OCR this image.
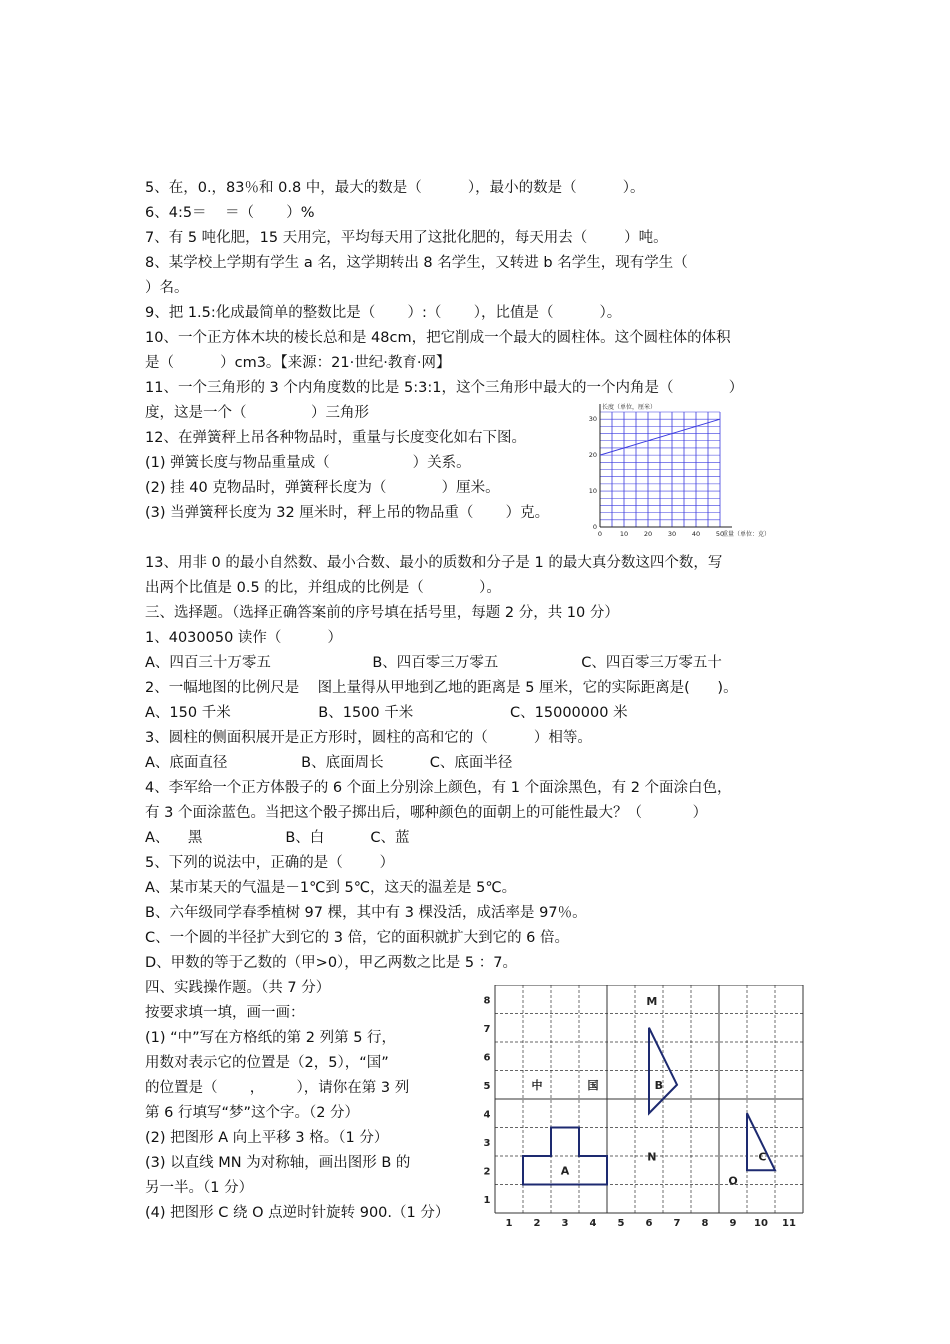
5、在，0.，83％和 0.8 中，最大的数是（          ），最小的数是（          ）。
6、4:5＝    ＝（       ）%
7、有 5 吨化肥，15 天用完，平均每天用了这批化肥的，每天用去（        ）吨。
8、某学校上学期有学生 a 名，这学期转出 8 名学生，又转进 b 名学生，现有学生（
）名。
9、把 1.5:化成最简单的整数比是（       ）:（       ），比值是（          ）。
10、一个正方体木块的棱长总和是 48cm，把它削成一个最大的圆柱体。这个圆柱体的体积
是（          ）cm3。【来源：21·世纪·教育·网】
11、一个三角形的 3 个内角度数的比是 5:3:1，这个三角形中最大的一个内角是（            ）
度，这是一个（              ）三角形
12、在弹簧秤上吊各种物品时，重量与长度变化如右下图。
(1) 弹簧长度与物品重量成（                  ）关系。
(2) 挂 40 克物品时，弹簧秤长度为（            ）厘米。
(3) 当弹簧秤长度为 32 厘米时，秤上吊的物品重（       ）克。
13、用非 0 的最小自然数、最小合数、最小的质数和分子是 1 的最大真分数这四个数，写
出两个比值是 0.5 的比，并组成的比例是（            ）。
三、选择题。（选择正确答案前的序号填在括号里，每题 2 分，共 10 分）
1、4030050 读作（          ）
A、四百三十万零五                      B、四百零三万零五                  C、四百零三万零五十
2、一幅地图的比例尺是    图上量得从甲地到乙地的距离是 5 厘米，它的实际距离是(      )。
A、150 千米                   B、1500 千米                     C、15000000 米
3、圆柱的侧面积展开是正方形时，圆柱的高和它的（          ）相等。
A、底面直径                B、底面周长          C、底面半径
4、李军给一个正方体骰子的 6 个面上分别涂上颜色，有 1 个面涂黑色，有 2 个面涂白色，
有 3 个面涂蓝色。当把这个骰子掷出后，哪种颜色的面朝上的可能性最大？（           ）
A、    黑                  B、白          C、蓝
5、下列的说法中，正确的是（        ）
A、某市某天的气温是－1℃到 5℃，这天的温差是 5℃。
B、六年级同学春季植树 97 棵，其中有 3 棵没活，成活率是 97％。
C、一个圆的半径扩大到它的 3 倍，它的面积就扩大到它的 6 倍。
D、甲数的等于乙数的（甲>0），甲乙两数之比是 5 ：7。
四、实践操作题。（共 7 分）
按要求填一填，画一画：
(1) “中”写在方格纸的第 2 列第 5 行，
用数对表示它的位置是（2，5），“国”
的位置是（       ，       ），请你在第 3 列
第 6 行填写“梦”这个字。（2 分）
(2) 把图形 A 向上平移 3 格。（1 分）
(3) 以直线 MN 为对称轴，画出图形 B 的
另一半。（1 分）
(4) 把图形 C 绕 O 点逆时针旋转 900.（1 分）
0	10 20 30 40 50
0
10
20
30
长度（单位，厘米）
重量（单位：克）
1 2 3 4 5 6 7 8 9 10 11
1
2
3
4
5
6
7
8
中	国
M
N
A
B
C
O
